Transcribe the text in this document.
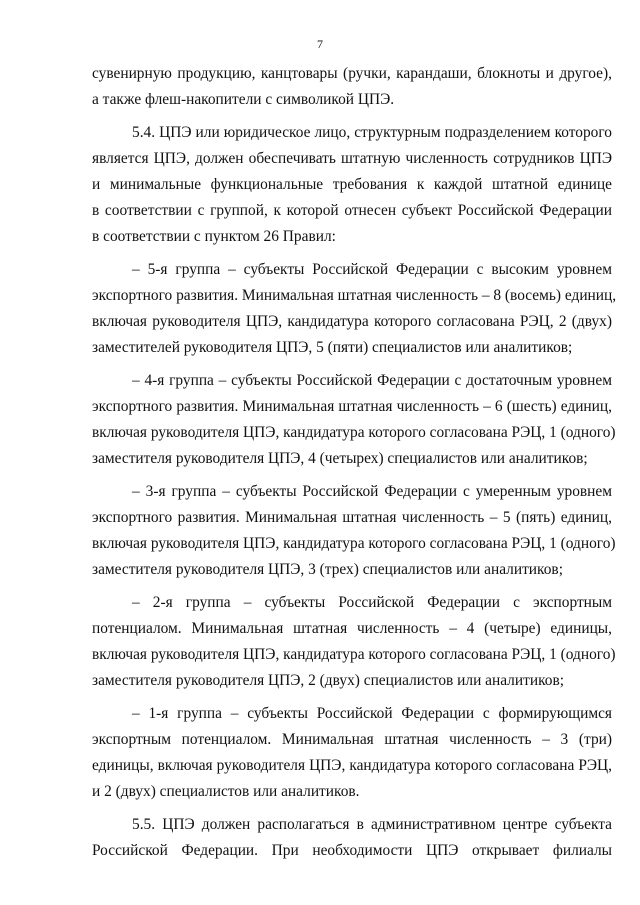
7
сувенирную продукцию, канцтовары (ручки, карандаши, блокноты и другое),
а также флеш-накопители с символикой ЦПЭ.
5.4. ЦПЭ или юридическое лицо, структурным подразделением которого
является ЦПЭ, должен обеспечивать штатную численность сотрудников ЦПЭ
и минимальные функциональные требования к каждой штатной единице
в соответствии с группой, к которой отнесен субъект Российской Федерации
в соответствии с пунктом 26 Правил:
– 5-я группа – субъекты Российской Федерации с высоким уровнем
экспортного развития. Минимальная штатная численность – 8 (восемь) единиц,
включая руководителя ЦПЭ, кандидатура которого согласована РЭЦ, 2 (двух)
заместителей руководителя ЦПЭ, 5 (пяти) специалистов или аналитиков;
– 4-я группа – субъекты Российской Федерации с достаточным уровнем
экспортного развития. Минимальная штатная численность – 6 (шесть) единиц,
включая руководителя ЦПЭ, кандидатура которого согласована РЭЦ, 1 (одного)
заместителя руководителя ЦПЭ, 4 (четырех) специалистов или аналитиков;
– 3-я группа – субъекты Российской Федерации с умеренным уровнем
экспортного развития. Минимальная штатная численность – 5 (пять) единиц,
включая руководителя ЦПЭ, кандидатура которого согласована РЭЦ, 1 (одного)
заместителя руководителя ЦПЭ, 3 (трех) специалистов или аналитиков;
– 2-я группа – субъекты Российской Федерации с экспортным
потенциалом. Минимальная штатная численность – 4 (четыре) единицы,
включая руководителя ЦПЭ, кандидатура которого согласована РЭЦ, 1 (одного)
заместителя руководителя ЦПЭ, 2 (двух) специалистов или аналитиков;
– 1-я группа – субъекты Российской Федерации с формирующимся
экспортным потенциалом. Минимальная штатная численность – 3 (три)
единицы, включая руководителя ЦПЭ, кандидатура которого согласована РЭЦ,
и 2 (двух) специалистов или аналитиков.
5.5. ЦПЭ должен располагаться в административном центре субъекта
Российской Федерации. При необходимости ЦПЭ открывает филиалы
